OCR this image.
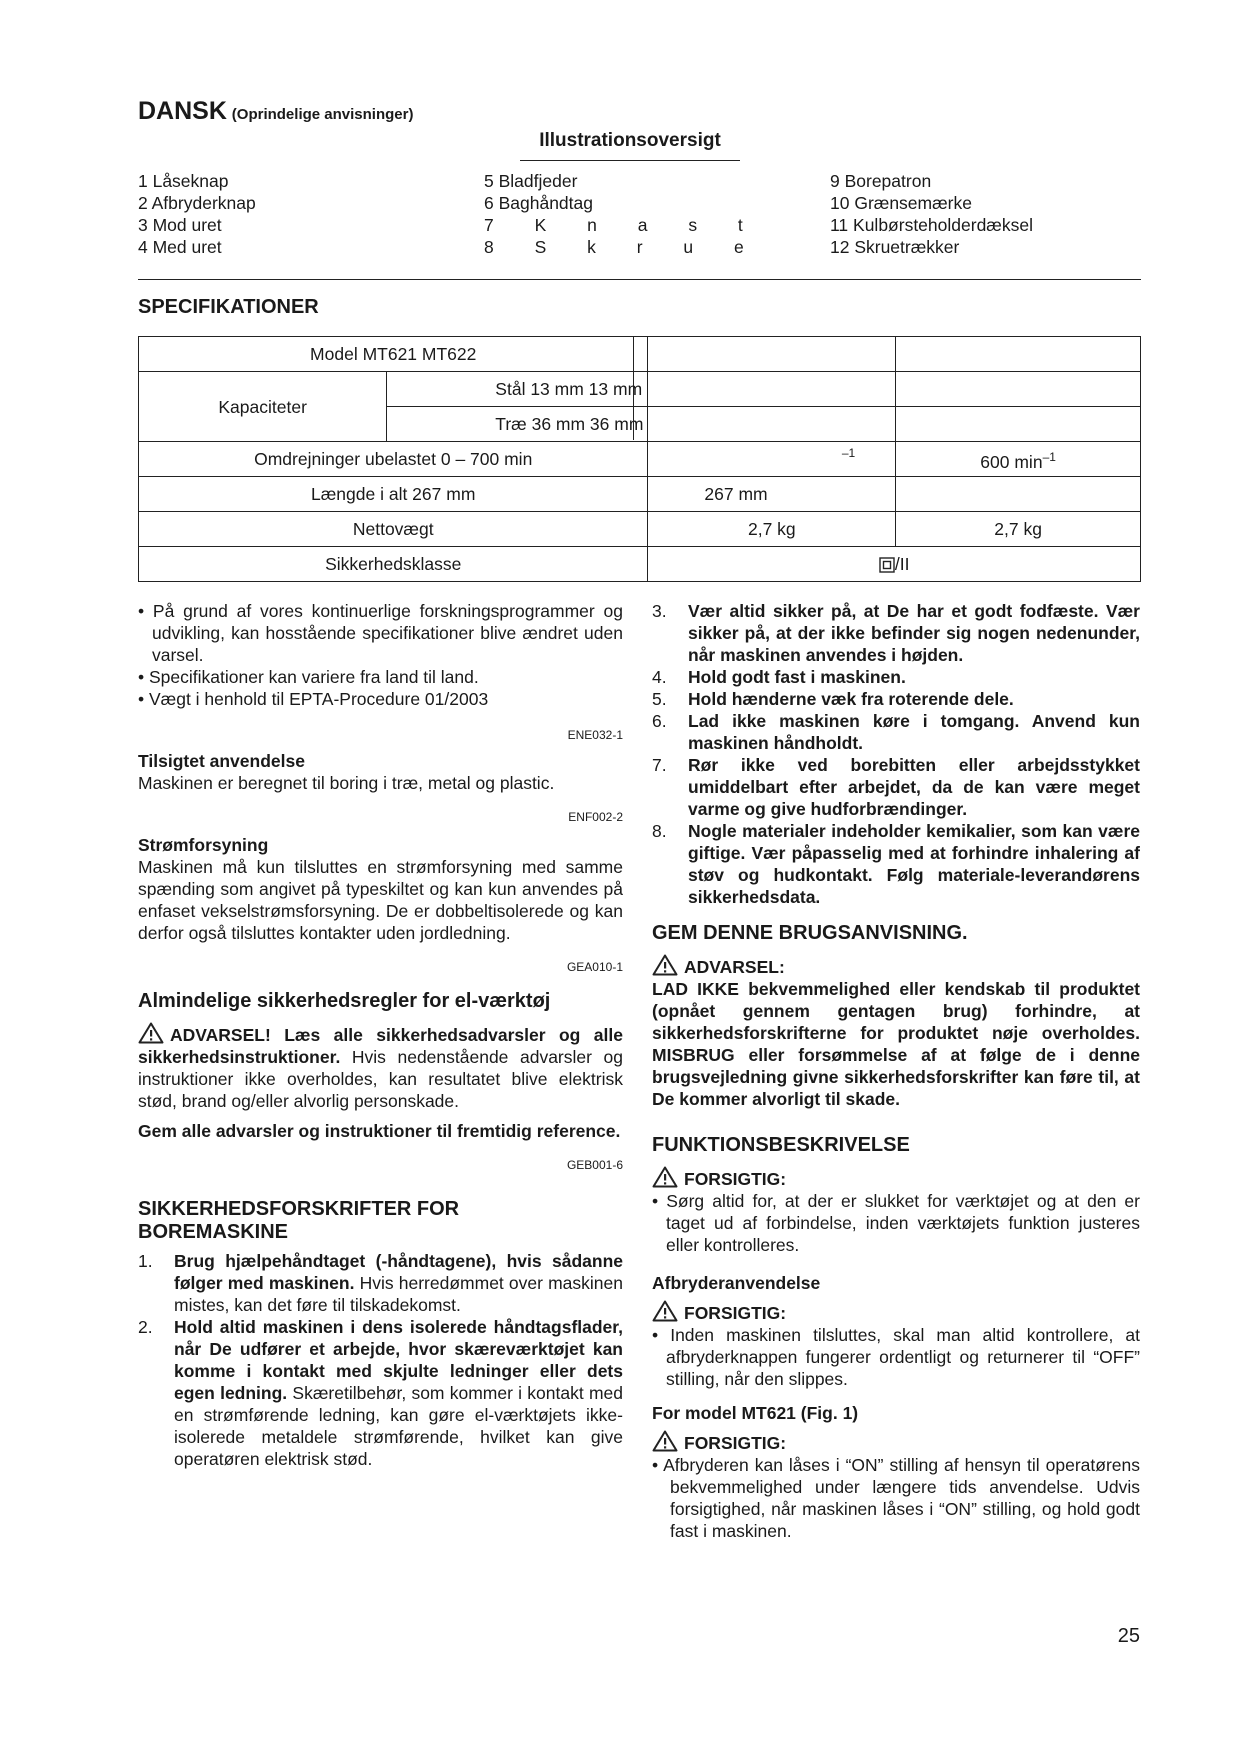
DANSK (Oprindelige anvisninger)
Illustrationsoversigt
1 Låseknap	5 Bladfjeder	9 Borepatron
2 Afbryderknap	6 Baghåndtag	10 Grænsemærke
3 Mod uret	7 K n a s t	11 Kulbørsteholderdæksel
4 Med uret	8 S k r u e	12 Skruetrækker
SPECIFIKATIONER
Model MT621 MT622			
Kapaciteter	Stål 13 mm 13 mm		
	Træ 36 mm 36 mm		
Omdrejninger ubelastet 0 – 700 min		–1	600 $\min^{-1}$
Længde i alt 267 mm		267 mm	
Nettovægt		2,7 kg	2,7 kg
Sikkerhedsklasse		/II	
• På grund af vores kontinuerlige forskningsprogrammer og udvikling, kan hosstående specifikationer blive ændret uden varsel.
• Specifikationer kan variere fra land til land.
• Vægt i henhold til EPTA-Procedure 01/2003
ENE032-1
Tilsigtet anvendelse
Maskinen er beregnet til boring i træ, metal og plastic.
ENF002-2
Strømforsyning
Maskinen må kun tilsluttes en strømforsyning med samme spænding som angivet på typeskiltet og kan kun anvendes på enfaset vekselstrømsforsyning. De er dobbeltisolerede og kan derfor også tilsluttes kontakter uden jordledning.
GEA010-1
Almindelige sikkerhedsregler for el-værktøj
ADVARSEL! Læs alle sikkerhedsadvarsler og alle sikkerhedsinstruktioner. Hvis nedenstående advarsler og instruktioner ikke overholdes, kan resultatet blive elektrisk stød, brand og/eller alvorlig personskade.
Gem alle advarsler og instruktioner til fremtidig reference.
GEB001-6
SIKKERHEDSFORSKRIFTER FOR
BOREMASKINE

1. Brug hjælpehåndtaget (-håndtagene), hvis sådanne følger med maskinen. Hvis herredømmet over maskinen mistes, kan det føre til tilskadekomst.

2. Hold altid maskinen i dens isolerede håndtagsflader, når De udfører et arbejde, hvor skæreværktøjet kan komme i kontakt med skjulte ledninger eller dets egen ledning. Skæretilbehør, som kommer i kontakt med en strømførende ledning, kan gøre el-værktøjets ikke-isolerede metaldele strømførende, hvilket kan give operatøren elektrisk stød.

3. Vær altid sikker på, at De har et godt fodfæste. Vær sikker på, at der ikke befinder sig nogen nedenunder, når maskinen anvendes i højden.

4. Hold godt fast i maskinen.

5. Hold hænderne væk fra roterende dele.

6. Lad ikke maskinen køre i tomgang. Anvend kun maskinen håndholdt.

7. Rør ikke ved borebitten eller arbejdsstykket umiddelbart efter arbejdet, da de kan være meget varme og give hudforbrændinger.

8. Nogle materialer indeholder kemikalier, som kan være giftige. Vær påpasselig med at forhindre inhalering af støv og hudkontakt. Følg materiale-leverandørens sikkerhedsdata.

GEM DENNE BRUGSANVISNING.
ADVARSEL:
LAD IKKE bekvemmelighed eller kendskab til produktet (opnået gennem gentagen brug) forhindre, at sikkerhedsforskrifterne for produktet nøje overholdes. MISBRUG eller forsømmelse af at følge de i denne brugsvejledning givne sikkerhedsforskrifter kan føre til, at De kommer alvorligt til skade.
FUNKTIONSBESKRIVELSE
FORSIGTIG:
• Sørg altid for, at der er slukket for værktøjet og at den er taget ud af forbindelse, inden værktøjets funktion justeres eller kontrolleres.
Afbryderanvendelse
FORSIGTIG:
• Inden maskinen tilsluttes, skal man altid kontrollere, at afbryderknappen fungerer ordentligt og returnerer til “OFF” stilling, når den slippes.
For model MT621 (Fig. 1)
FORSIGTIG:
• Afbryderen kan låses i “ON” stilling af hensyn til operatørens bekvemmelighed under længere tids anvendelse. Udvis forsigtighed, når maskinen låses i “ON” stilling, og hold godt fast i maskinen.
25
